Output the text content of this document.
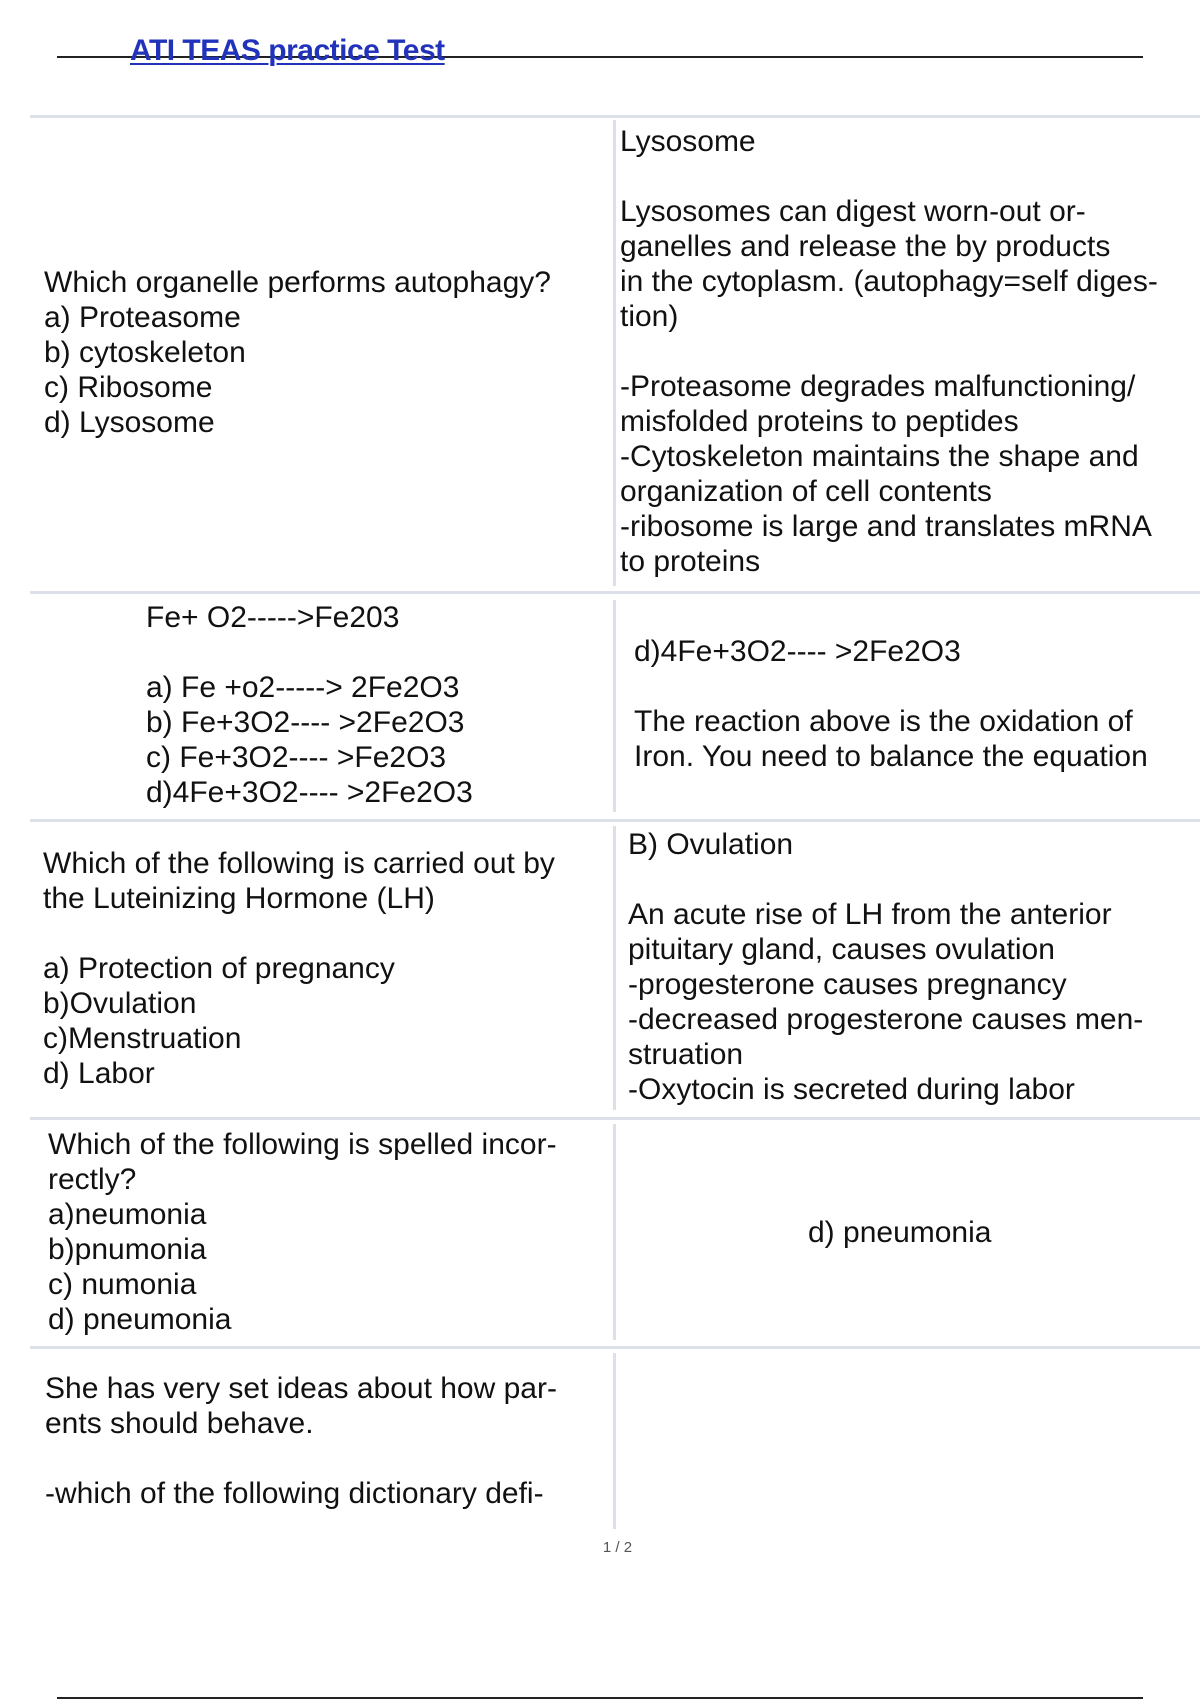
ATI TEAS practice Test
Which organelle performs autophagy?
a) Proteasome
b) cytoskeleton
c) Ribosome
d) Lysosome
Lysosome

Lysosomes can digest worn-out or-
ganelles and release the by products
in the cytoplasm. (autophagy=self diges-
tion)

-Proteasome degrades malfunctioning/
misfolded proteins to peptides
-Cytoskeleton maintains the shape and
organization of cell contents
-ribosome is large and translates mRNA
to proteins
Fe+ O2----->Fe203

a) Fe +o2-----> 2Fe2O3
b) Fe+3O2---- >2Fe2O3
c) Fe+3O2---- >Fe2O3
d)4Fe+3O2---- >2Fe2O3
d)4Fe+3O2---- >2Fe2O3

The reaction above is the oxidation of
Iron. You need to balance the equation
Which of the following is carried out by
the Luteinizing Hormone (LH)

a) Protection of pregnancy
b)Ovulation
c)Menstruation
d) Labor
B) Ovulation

An acute rise of LH from the anterior
pituitary gland, causes ovulation
-progesterone causes pregnancy
-decreased progesterone causes men-
struation
-Oxytocin is secreted during labor
Which of the following is spelled incor-
rectly?
a)neumonia
b)pnumonia
c) numonia
d) pneumonia
d) pneumonia
She has very set ideas about how par-
ents should behave.

-which of the following dictionary defi-
1 / 2
